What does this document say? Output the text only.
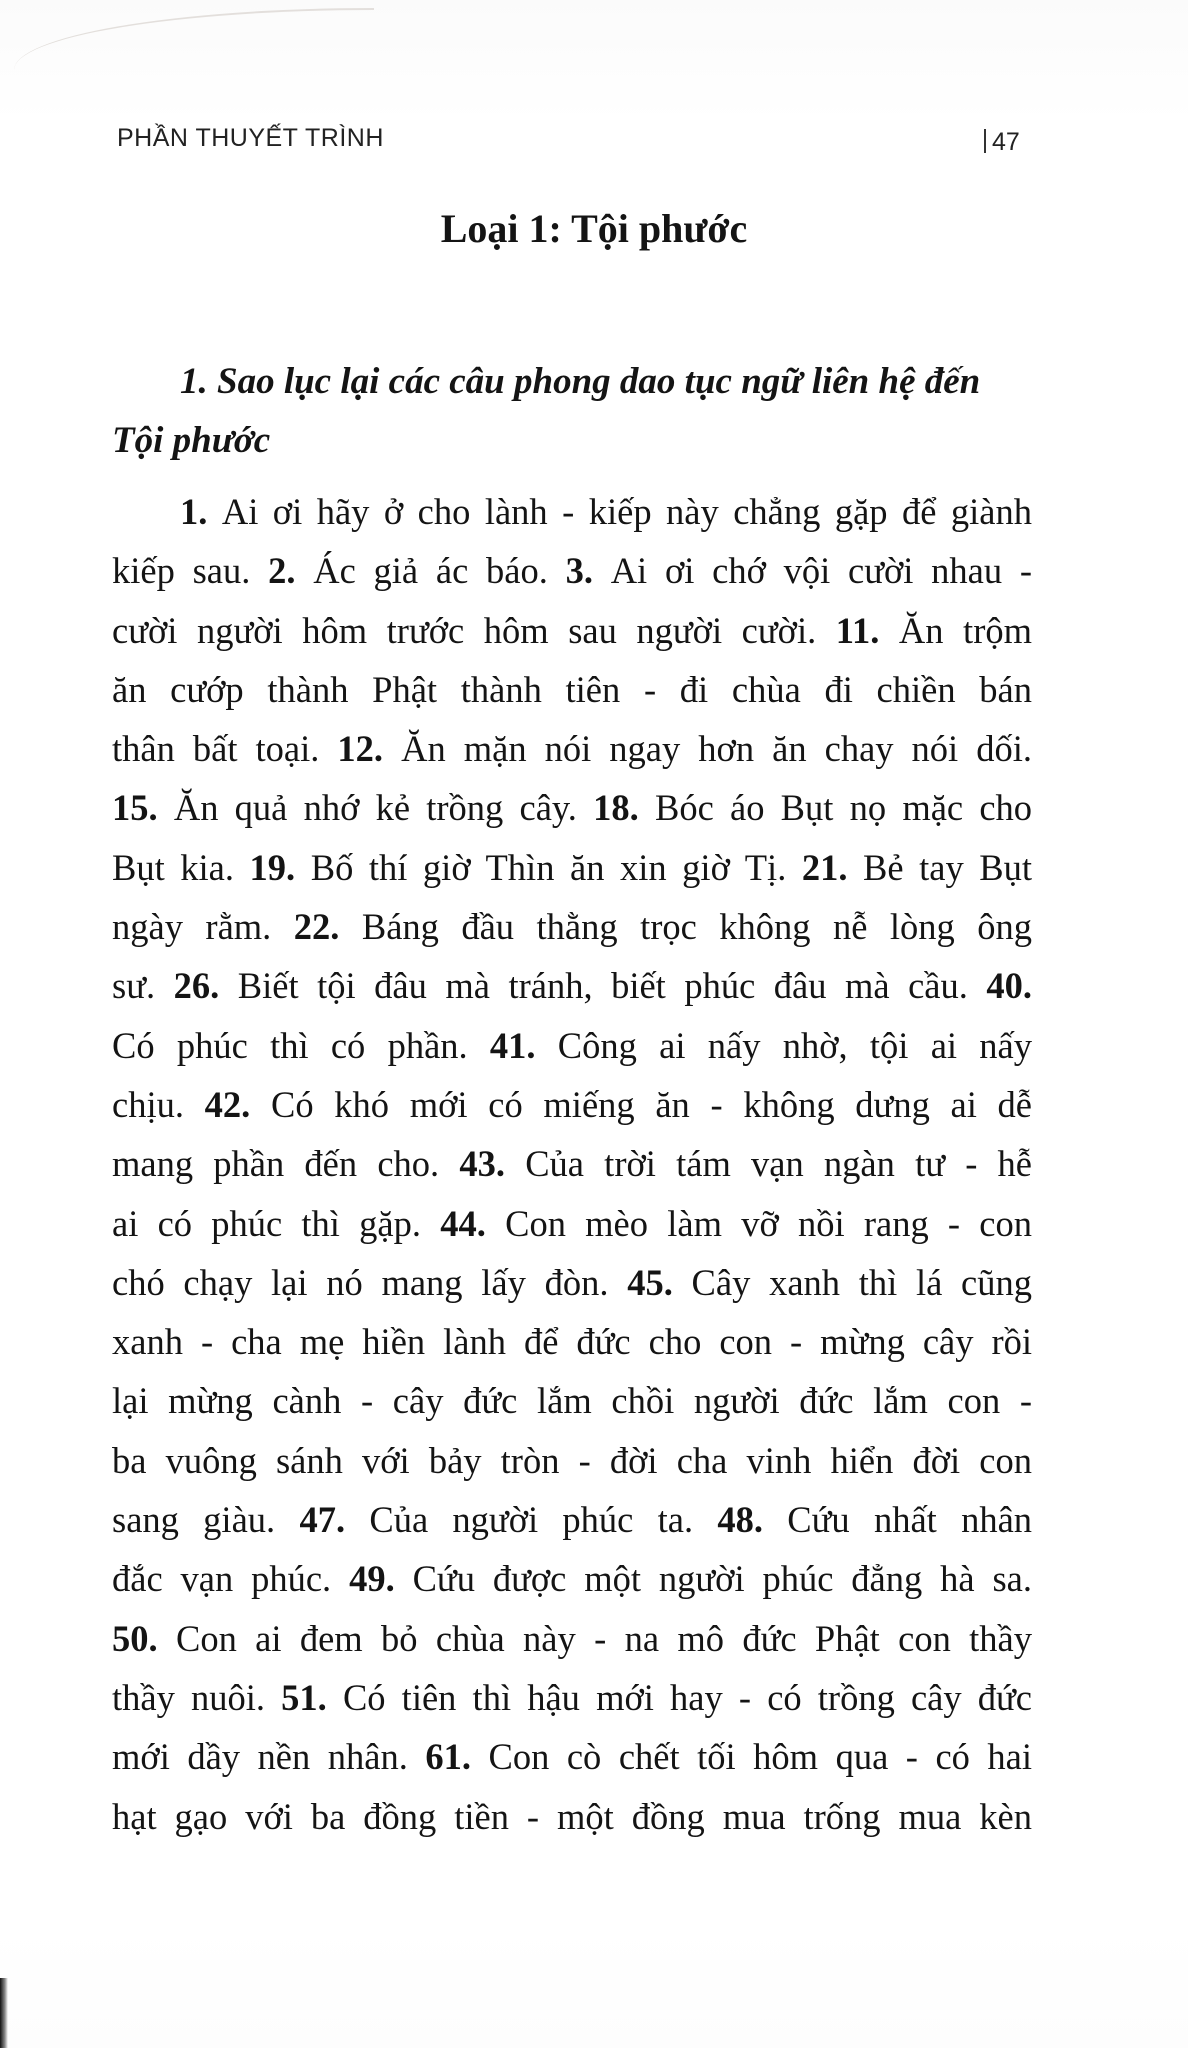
PHẦN THUYẾT TRÌNH	47
Loại 1: Tội phước
1. Sao lục lại các câu phong dao tục ngữ liên hệ đến
Tội phước
1. Ai ơi hãy ở cho lành - kiếp này chẳng gặp để giành
kiếp sau. 2. Ác giả ác báo. 3. Ai ơi chớ vội cười nhau -
cười người hôm trước hôm sau người cười. 11. Ăn trộm
ăn cướp thành Phật thành tiên - đi chùa đi chiền bán
thân bất toại. 12. Ăn mặn nói ngay hơn ăn chay nói dối.
15. Ăn quả nhớ kẻ trồng cây. 18. Bóc áo Bụt nọ mặc cho
Bụt kia. 19. Bố thí giờ Thìn ăn xin giờ Tị. 21. Bẻ tay Bụt
ngày rằm. 22. Báng đầu thằng trọc không nễ lòng ông
sư. 26. Biết tội đâu mà tránh, biết phúc đâu mà cầu. 40.
Có phúc thì có phần. 41. Công ai nấy nhờ, tội ai nấy
chịu. 42. Có khó mới có miếng ăn - không dưng ai dễ
mang phần đến cho. 43. Của trời tám vạn ngàn tư - hễ
ai có phúc thì gặp. 44. Con mèo làm vỡ nồi rang - con
chó chạy lại nó mang lấy đòn. 45. Cây xanh thì lá cũng
xanh - cha mẹ hiền lành để đức cho con - mừng cây rồi
lại mừng cành - cây đức lắm chồi người đức lắm con -
ba vuông sánh với bảy tròn - đời cha vinh hiển đời con
sang giàu. 47. Của người phúc ta. 48. Cứu nhất nhân
đắc vạn phúc. 49. Cứu được một người phúc đẳng hà sa.
50. Con ai đem bỏ chùa này - na mô đức Phật con thầy
thầy nuôi. 51. Có tiên thì hậu mới hay - có trồng cây đức
mới dầy nền nhân. 61. Con cò chết tối hôm qua - có hai
hạt gạo với ba đồng tiền - một đồng mua trống mua kèn
